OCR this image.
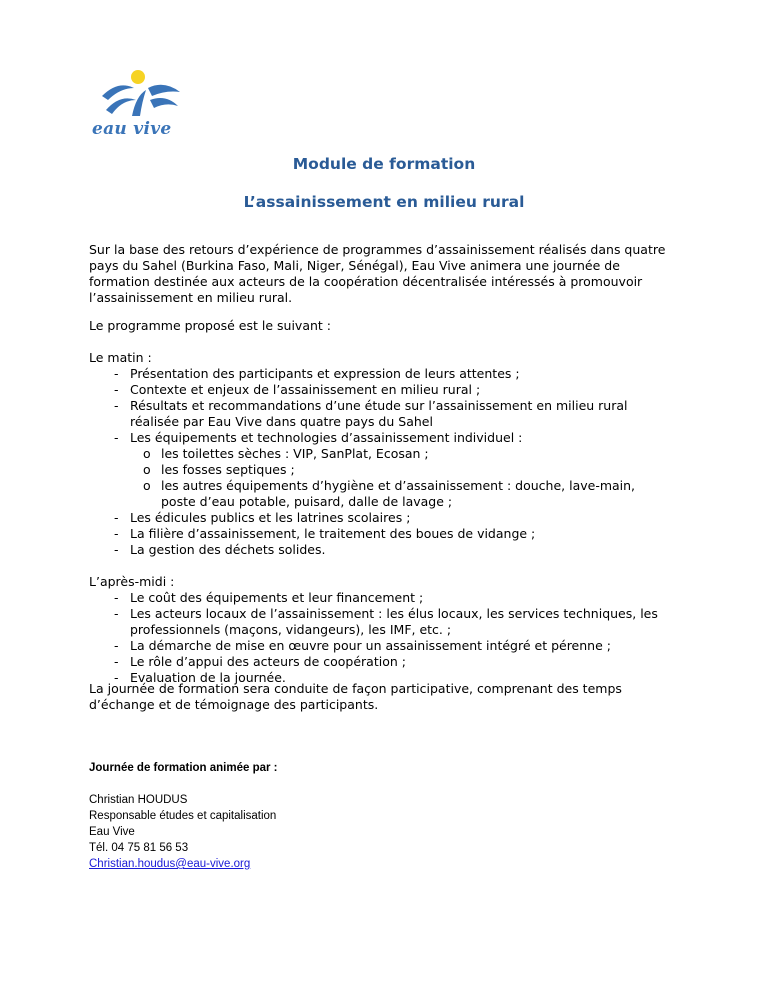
eau vive
Module de formation
L’assainissement en milieu rural
Sur la base des retours d’expérience de programmes d’assainissement réalisés dans quatre
pays du Sahel (Burkina Faso, Mali, Niger, Sénégal), Eau Vive animera une journée de
formation destinée aux acteurs de la coopération décentralisée intéressés à promouvoir
l’assainissement en milieu rural.
Le programme proposé est le suivant :
Le matin :
- Présentation des participants et expression de leurs attentes ;
- Contexte et enjeux de l’assainissement en milieu rural ;
- Résultats et recommandations d’une étude sur l’assainissement en milieu rural
réalisée par Eau Vive dans quatre pays du Sahel
- Les équipements et technologies d’assainissement individuel :
o les toilettes sèches : VIP, SanPlat, Ecosan ;
o les fosses septiques ;
o les autres équipements d’hygiène et d’assainissement : douche, lave-main,
poste d’eau potable, puisard, dalle de lavage ;
- Les édicules publics et les latrines scolaires ;
- La filière d’assainissement, le traitement des boues de vidange ;
- La gestion des déchets solides.
L’après-midi :
- Le coût des équipements et leur financement ;
- Les acteurs locaux de l’assainissement : les élus locaux, les services techniques, les
professionnels (maçons, vidangeurs), les IMF, etc. ;
- La démarche de mise en œuvre pour un assainissement intégré et pérenne ;
- Le rôle d’appui des acteurs de coopération ;
- Evaluation de la journée.
La journée de formation sera conduite de façon participative, comprenant des temps
d’échange et de témoignage des participants.
Journée de formation animée par :
Christian HOUDUS
Responsable études et capitalisation
Eau Vive
Tél. 04 75 81 56 53
Christian.houdus@eau-vive.org
